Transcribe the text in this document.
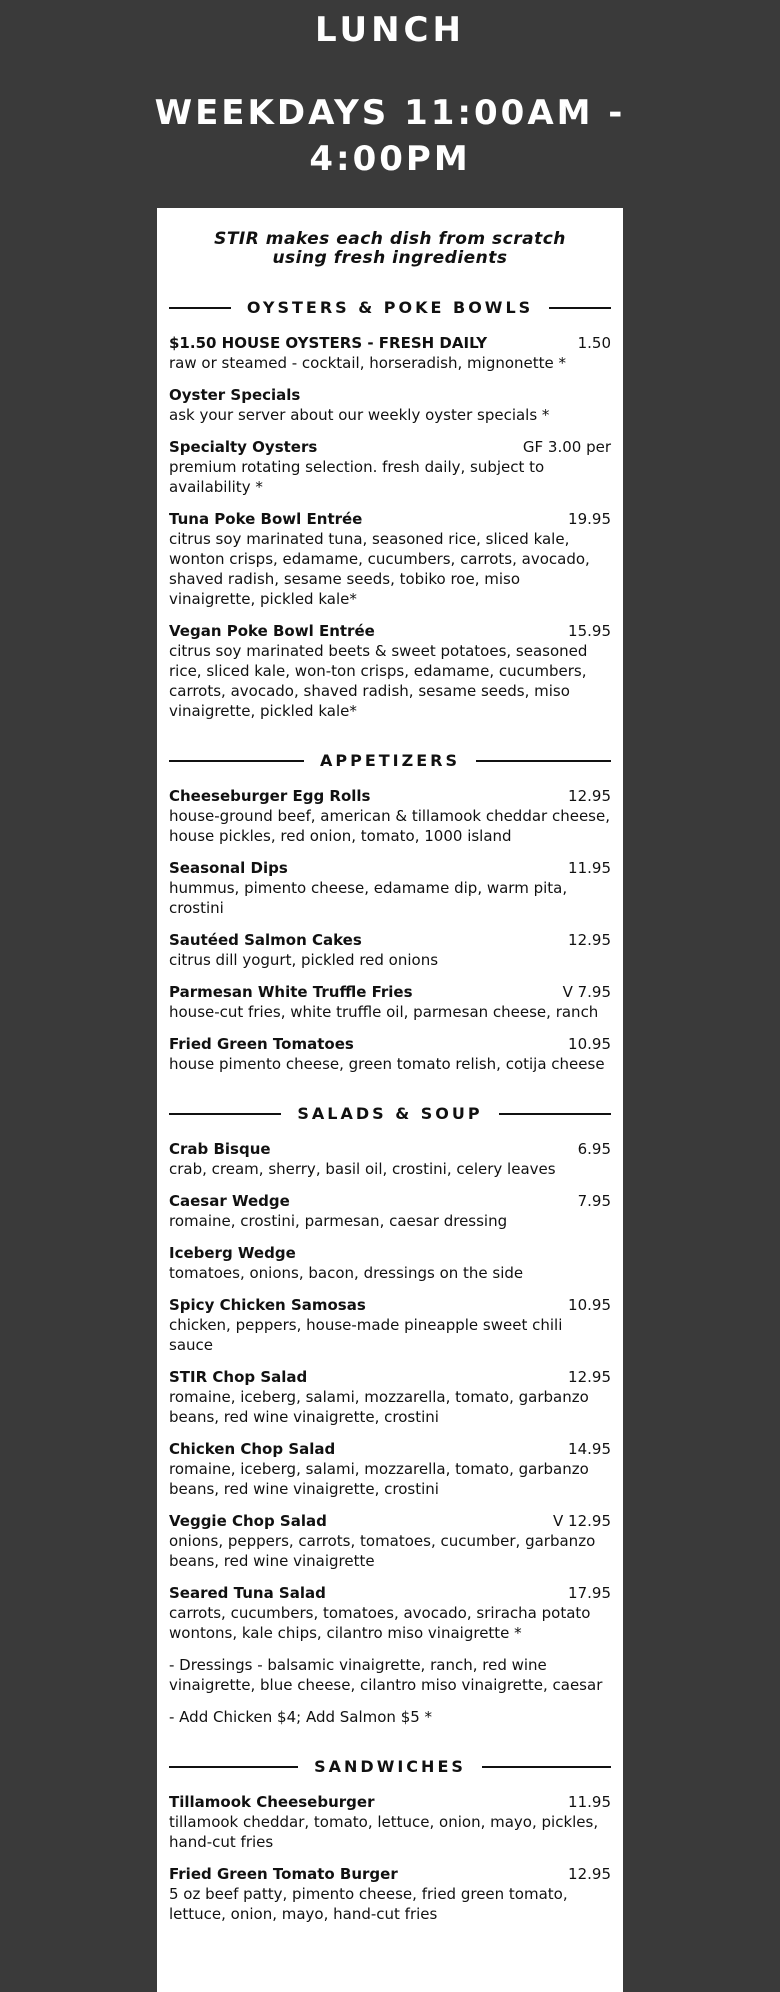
LUNCH
WEEKDAYS 11:00AM - 4:00PM
STIR makes each dish from scratch using fresh ingredients
OYSTERS & POKE BOWLS
$1.50 HOUSE OYSTERS - FRESH DAILY	1.50
raw or steamed - cocktail, horseradish, mignonette *
Oyster Specials
ask your server about our weekly oyster specials *
Specialty Oysters	GF 3.00 per
premium rotating selection. fresh daily, subject to availability *
Tuna Poke Bowl Entrée	19.95
citrus soy marinated tuna, seasoned rice, sliced kale, wonton crisps, edamame, cucumbers, carrots, avocado, shaved radish, sesame seeds, tobiko roe, miso vinaigrette, pickled kale*
Vegan Poke Bowl Entrée	15.95
citrus soy marinated beets & sweet potatoes, seasoned rice, sliced kale, won-ton crisps, edamame, cucumbers, carrots, avocado, shaved radish, sesame seeds, miso vinaigrette, pickled kale*
APPETIZERS
Cheeseburger Egg Rolls	12.95
house-ground beef, american & tillamook cheddar cheese, house pickles, red onion, tomato, 1000 island
Seasonal Dips	11.95
hummus, pimento cheese, edamame dip, warm pita, crostini
Sautéed Salmon Cakes	12.95
citrus dill yogurt, pickled red onions
Parmesan White Truffle Fries	V 7.95
house-cut fries, white truffle oil, parmesan cheese, ranch
Fried Green Tomatoes	10.95
house pimento cheese, green tomato relish, cotija cheese
SALADS & SOUP
Crab Bisque	6.95
crab, cream, sherry, basil oil, crostini, celery leaves
Caesar Wedge	7.95
romaine, crostini, parmesan, caesar dressing
Iceberg Wedge
tomatoes, onions, bacon, dressings on the side
Spicy Chicken Samosas	10.95
chicken, peppers, house-made pineapple sweet chili sauce
STIR Chop Salad	12.95
romaine, iceberg, salami, mozzarella, tomato, garbanzo beans, red wine vinaigrette, crostini
Chicken Chop Salad	14.95
romaine, iceberg, salami, mozzarella, tomato, garbanzo beans, red wine vinaigrette, crostini
Veggie Chop Salad	V 12.95
onions, peppers, carrots, tomatoes, cucumber, garbanzo beans, red wine vinaigrette
Seared Tuna Salad	17.95
carrots, cucumbers, tomatoes, avocado, sriracha potato wontons, kale chips, cilantro miso vinaigrette *
- Dressings - balsamic vinaigrette, ranch, red wine vinaigrette, blue cheese, cilantro miso vinaigrette, caesar
- Add Chicken $4; Add Salmon $5 *
SANDWICHES
Tillamook Cheeseburger	11.95
tillamook cheddar, tomato, lettuce, onion, mayo, pickles, hand-cut fries
Fried Green Tomato Burger	12.95
5 oz beef patty, pimento cheese, fried green tomato, lettuce, onion, mayo, hand-cut fries
